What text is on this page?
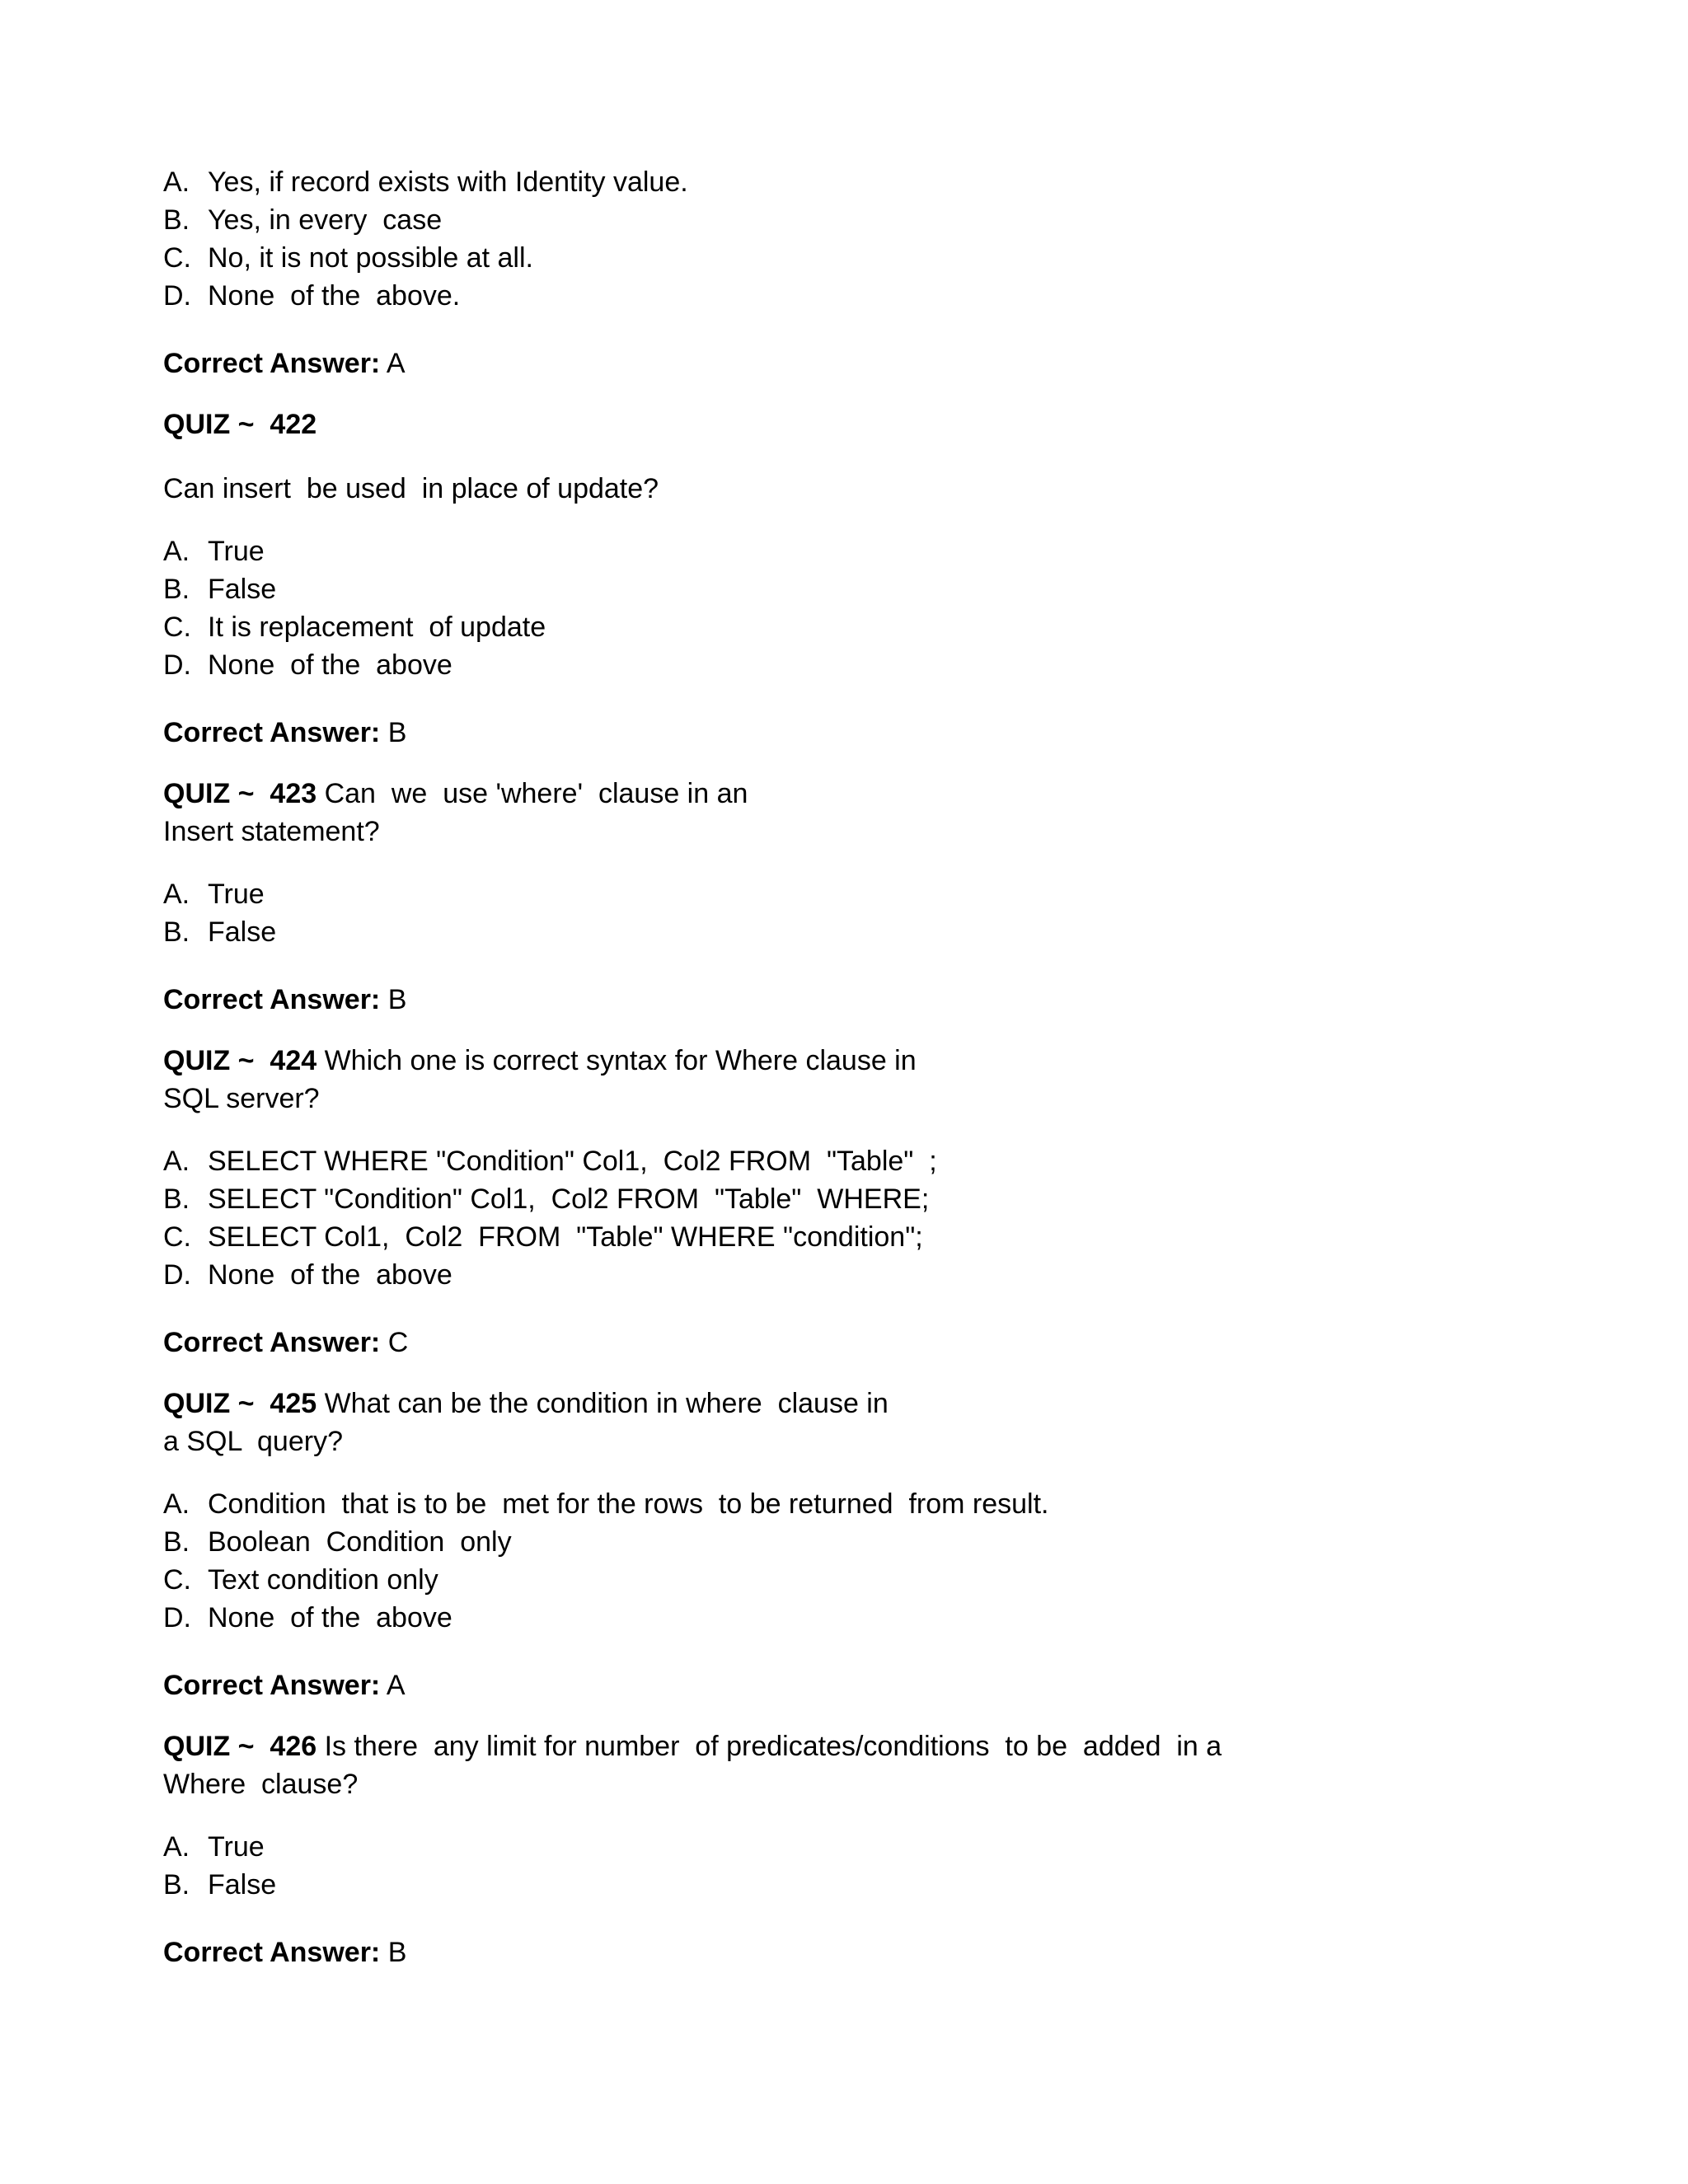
A. Yes, if record exists with Identity value.
B. Yes, in every  case
C. No, it is not possible at all.
D. None  of the  above.
Correct Answer: A
QUIZ ~  422
Can insert  be used  in place of update?
A. True
B. False
C. It is replacement  of update
D. None  of the  above
Correct Answer: B
QUIZ ~  423 Can  we  use 'where'  clause in an
Insert statement?
A. True
B. False
Correct Answer: B
QUIZ ~  424 Which one is correct syntax for Where clause in
SQL server?
A. SELECT WHERE "Condition" Col1,  Col2 FROM  "Table"  ;
B. SELECT "Condition" Col1,  Col2 FROM  "Table"  WHERE;
C. SELECT Col1,  Col2  FROM  "Table" WHERE "condition";
D. None  of the  above
Correct Answer: C
QUIZ ~  425 What can be the condition in where  clause in
a SQL  query?
A. Condition  that is to be  met for the rows  to be returned  from result.
B. Boolean  Condition  only
C. Text condition only
D. None  of the  above
Correct Answer: A
QUIZ ~  426 Is there  any limit for number  of predicates/conditions  to be  added  in a
Where  clause?
A. True
B. False
Correct Answer: B
